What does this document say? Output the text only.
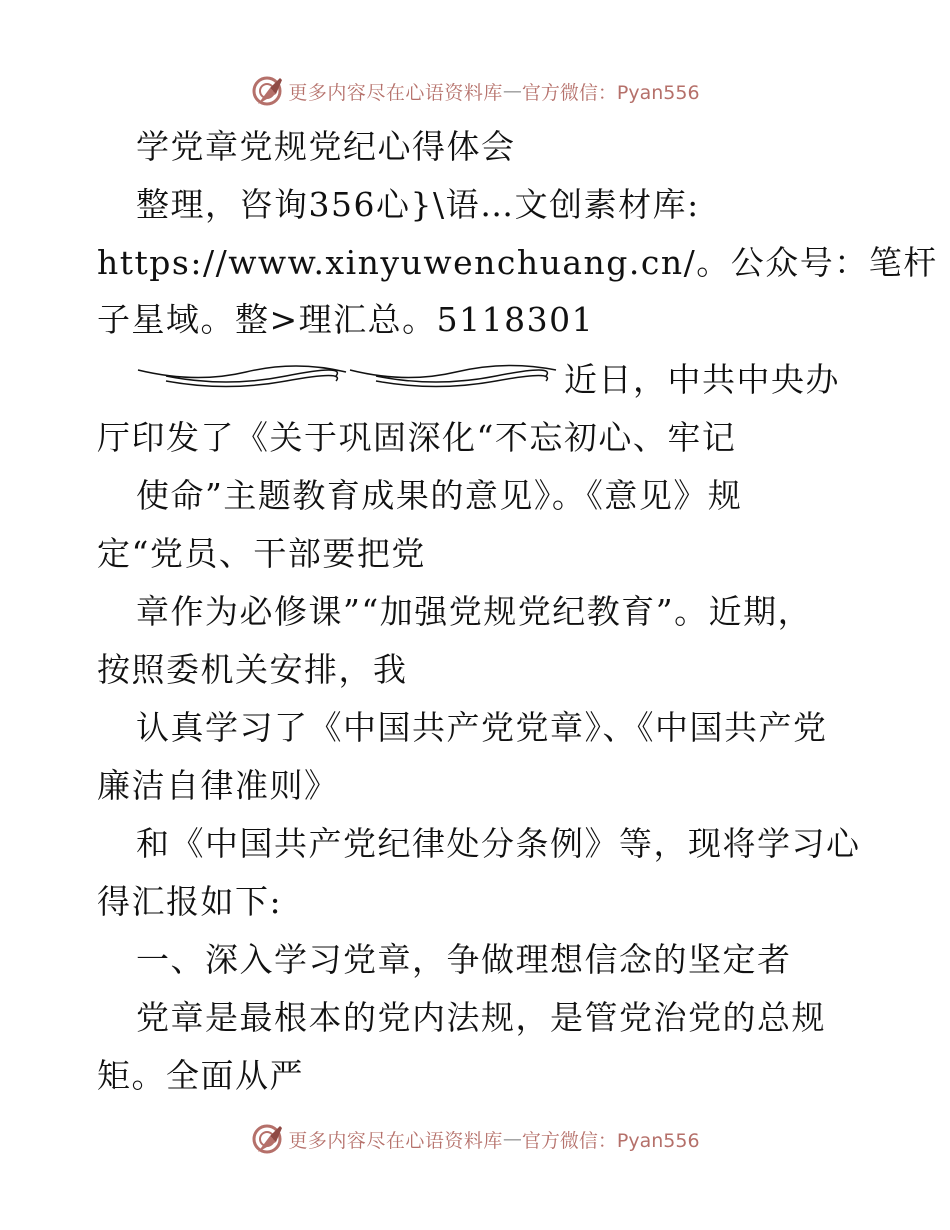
更多内容尽在心语资料库 — 官方微信：Pyan556
学党章党规党纪心得体会
整理，咨询356心}\语…文创素材库:
https://www.xinyuwenchuang.cn/。公众号：笔杆
子星域。整>理汇总。5118301
近日，中共中央办
厅印发了《关于巩固深化“不忘初心、牢记
使命”主题教育成果的意见》。《意见》规
定“党员、干部要把党
章作为必修课”“加强党规党纪教育”。近期，
按照委机关安排，我
认真学习了《中国共产党党章》、《中国共产党
廉洁自律准则》
和《中国共产党纪律处分条例》等，现将学习心
得汇报如下:
一、深入学习党章，争做理想信念的坚定者
党章是最根本的党内法规，是管党治党的总规
矩。全面从严
更多内容尽在心语资料库 — 官方微信：Pyan556
